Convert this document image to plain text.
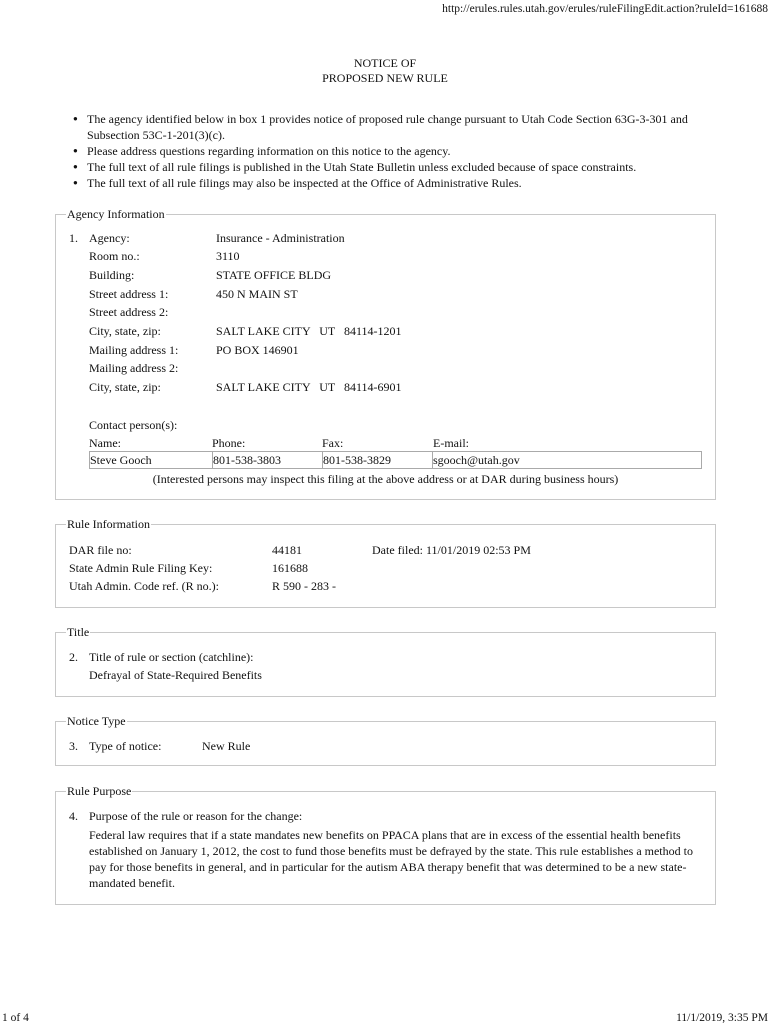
http://erules.rules.utah.gov/erules/ruleFilingEdit.action?ruleId=161688
NOTICE OF
PROPOSED NEW RULE
● The agency identified below in box 1 provides notice of proposed rule change pursuant to Utah Code Section 63G-3-301 and Subsection 53C-1-201(3)(c).
● Please address questions regarding information on this notice to the agency.
● The full text of all rule filings is published in the Utah State Bulletin unless excluded because of space constraints.
● The full text of all rule filings may also be inspected at the Office of Administrative Rules.
Agency Information
1. Agency:	Insurance - Administration
Room no.:	3110
Building:	STATE OFFICE BLDG
Street address 1:	450 N MAIN ST
Street address 2:
City, state, zip:	SALT LAKE CITY   UT   84114-1201
Mailing address 1:	PO BOX 146901
Mailing address 2:
City, state, zip:	SALT LAKE CITY   UT   84114-6901
Contact person(s):
Name:	Phone:	Fax:	E-mail:
Steve Gooch	801-538-3803	801-538-3829	sgooch@utah.gov
(Interested persons may inspect this filing at the above address or at DAR during business hours)
Rule Information
DAR file no:	44181	Date filed: 11/01/2019 02:53 PM
State Admin Rule Filing Key:	161688
Utah Admin. Code ref. (R no.):	R 590 - 283 -
Title
2. Title of rule or section (catchline):
Defrayal of State-Required Benefits
Notice Type
3. Type of notice:	New Rule
Rule Purpose
4. Purpose of the rule or reason for the change:
Federal law requires that if a state mandates new benefits on PPACA plans that are in excess of the essential health benefits established on January 1, 2012, the cost to fund those benefits must be defrayed by the state. This rule establishes a method to pay for those benefits in general, and in particular for the autism ABA therapy benefit that was determined to be a new state-mandated benefit.
1 of 4	11/1/2019, 3:35 PM
